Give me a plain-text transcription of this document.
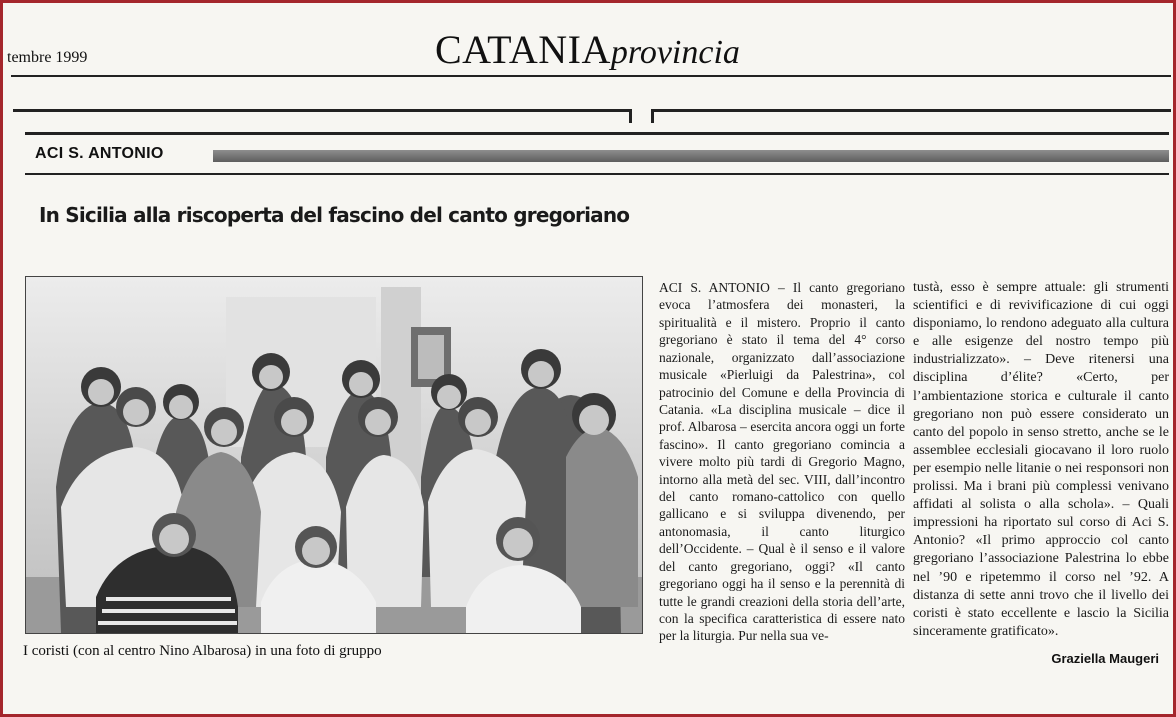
tembre 1999	CATANIAprovincia
ACI S. ANTONIO
In Sicilia alla riscoperta del fascino del canto gregoriano
I coristi (con al centro Nino Albarosa) in una foto di gruppo

ACI S. ANTONIO – Il canto gregoriano evoca l’atmosfera dei monasteri, la spiritualità e il mistero. Proprio il canto gregoriano è stato il tema del 4° corso nazionale, organizzato dall’associazione musicale «Pierluigi da Palestrina», col patrocinio del Comune e della Provincia di Catania. «La disciplina musicale – dice il prof. Albarosa – esercita ancora oggi un forte fascino». Il canto gregoriano comincia a vivere molto più tardi di Gregorio Magno, intorno alla metà del sec. VIII, dall’incontro del canto romano-cattolico con quello gallicano e si sviluppa divenendo, per antonomasia, il canto liturgico dell’Occidente. – Qual è il senso e il valore del canto gregoriano, oggi? «Il canto gregoriano oggi ha il senso e la perennità di tutte le grandi creazioni della storia dell’arte, con la specifica caratteristica di essere nato per la liturgia. Pur nella sua ve-

tustà, esso è sempre attuale: gli strumenti scientifici e di revivificazione di cui oggi disponiamo, lo rendono adeguato alla cultura e alle esigenze del nostro tempo più industrializzato». – Deve ritenersi una disciplina d’élite? «Certo, per l’ambientazione storica e culturale il canto gregoriano non può essere considerato un canto del popolo in senso stretto, anche se le assemblee ecclesiali giocavano il loro ruolo per esempio nelle litanie o nei responsori non prolissi. Ma i brani più complessi venivano affidati al solista o alla schola». – Quali impressioni ha riportato sul corso di Aci S. Antonio? «Il primo approccio col canto gregoriano l’associazione Palestrina lo ebbe nel ’90 e ripetemmo il corso nel ’92. A distanza di sette anni trovo che il livello dei coristi è stato eccellente e lascio la Sicilia sinceramente gratificato».

Graziella Maugeri
